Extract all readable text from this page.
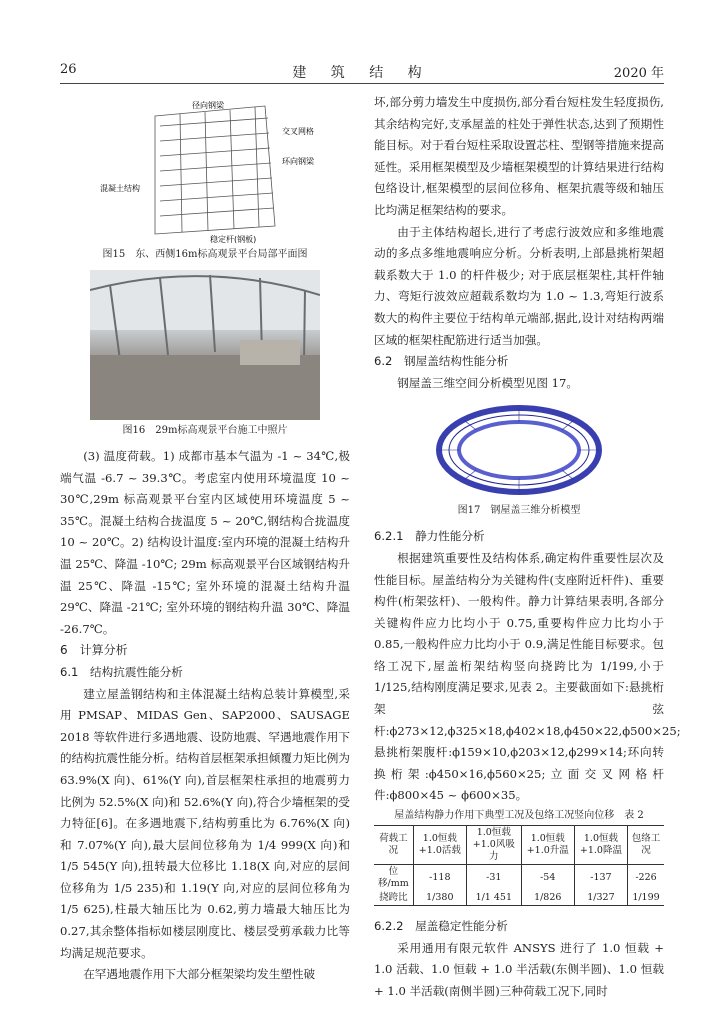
26	建 筑 结 构	2020 年
径向钢梁
交叉网格
环向钢梁
混凝土结构
稳定杆(钢板)

图15　东、西侧16m标高观景平台局部平面图

图16　29m标高观景平台施工中照片

(3) 温度荷载。1) 成都市基本气温为 -1 ~ 34℃,极端气温 -6.7 ~ 39.3℃。考虑室内使用环境温度 10 ~ 30℃,29m 标高观景平台室内区域使用环境温度 5 ~ 35℃。混凝土结构合拢温度 5 ~ 20℃,钢结构合拢温度 10 ~ 20℃。2) 结构设计温度:室内环境的混凝土结构升温 25℃、降温 -10℃; 29m 标高观景平台区域钢结构升温 25℃、降温 -15℃; 室外环境的混凝土结构升温 29℃、降温 -21℃; 室外环境的钢结构升温 30℃、降温 -26.7℃。

6　计算分析
6.1　结构抗震性能分析

建立屋盖钢结构和主体混凝土结构总装计算模型,采用 PMSAP、MIDAS Gen、SAP2000、SAUSAGE 2018 等软件进行多遇地震、设防地震、罕遇地震作用下的结构抗震性能分析。结构首层框架承担倾覆力矩比例为 63.9%(X 向)、61%(Y 向),首层框架柱承担的地震剪力比例为 52.5%(X 向)和 52.6%(Y 向),符合少墙框架的受力特征[6]。在多遇地震下,结构剪重比为 6.76%(X 向)和 7.07%(Y 向),最大层间位移角为 1/4 999(X 向)和 1/5 545(Y 向),扭转最大位移比 1.18(X 向,对应的层间位移角为 1/5 235)和 1.19(Y 向,对应的层间位移角为 1/5 625),柱最大轴压比为 0.62,剪力墙最大轴压比为 0.27,其余整体指标如楼层刚度比、楼层受剪承载力比等均满足规范要求。

在罕遇地震作用下大部分框架梁均发生塑性破

坏,部分剪力墙发生中度损伤,部分看台短柱发生轻度损伤,其余结构完好,支承屋盖的柱处于弹性状态,达到了预期性能目标。对于看台短柱采取设置芯柱、型钢等措施来提高延性。采用框架模型及少墙框架模型的计算结果进行结构包络设计,框架模型的层间位移角、框架抗震等级和轴压比均满足框架结构的要求。

由于主体结构超长,进行了考虑行波效应和多维地震动的多点多维地震响应分析。分析表明,上部悬挑桁架超载系数大于 1.0 的杆件极少; 对于底层框架柱,其杆件轴力、弯矩行波效应超载系数均为 1.0 ~ 1.3,弯矩行波系数大的构件主要位于结构单元端部,据此,设计对结构两端区域的框架柱配筋进行适当加强。

6.2　钢屋盖结构性能分析

钢屋盖三维空间分析模型见图 17。

图17　钢屋盖三维分析模型

6.2.1　静力性能分析

根据建筑重要性及结构体系,确定构件重要性层次及性能目标。屋盖结构分为关键构件(支座附近杆件)、重要构件(桁架弦杆)、一般构件。静力计算结果表明,各部分关键构件应力比均小于 0.75,重要构件应力比均小于 0.85,一般构件应力比均小于 0.9,满足性能目标要求。包络工况下,屋盖桁架结构竖向挠跨比为 1/199,小于 1/125,结构刚度满足要求,见表 2。主要截面如下:悬挑桁架弦杆:ϕ273×12,ϕ325×18,ϕ402×18,ϕ450×22,ϕ500×25;悬挑桁架腹杆:ϕ159×10,ϕ203×12,ϕ299×14;环向转换桁架:ϕ450×16,ϕ560×25;立面交叉网格杆件:ϕ800×45 ~ ϕ600×35。

屋盖结构静力作用下典型工况及包络工况竖向位移　表 2
荷载工况	1.0恒载+1.0活载	1.0恒载+1.0风吸力	1.0恒载+1.0升温	1.0恒载+1.0降温	包络工况
位移/mm	-118	-31	-54	-137	-226
挠跨比	1/380	1/1 451	1/826	1/327	1/199
6.2.2　屋盖稳定性能分析

采用通用有限元软件 ANSYS 进行了 1.0 恒载 + 1.0 活载、1.0 恒载 + 1.0 半活载(东侧半圆)、1.0 恒载 + 1.0 半活载(南侧半圆)三种荷载工况下,同时
